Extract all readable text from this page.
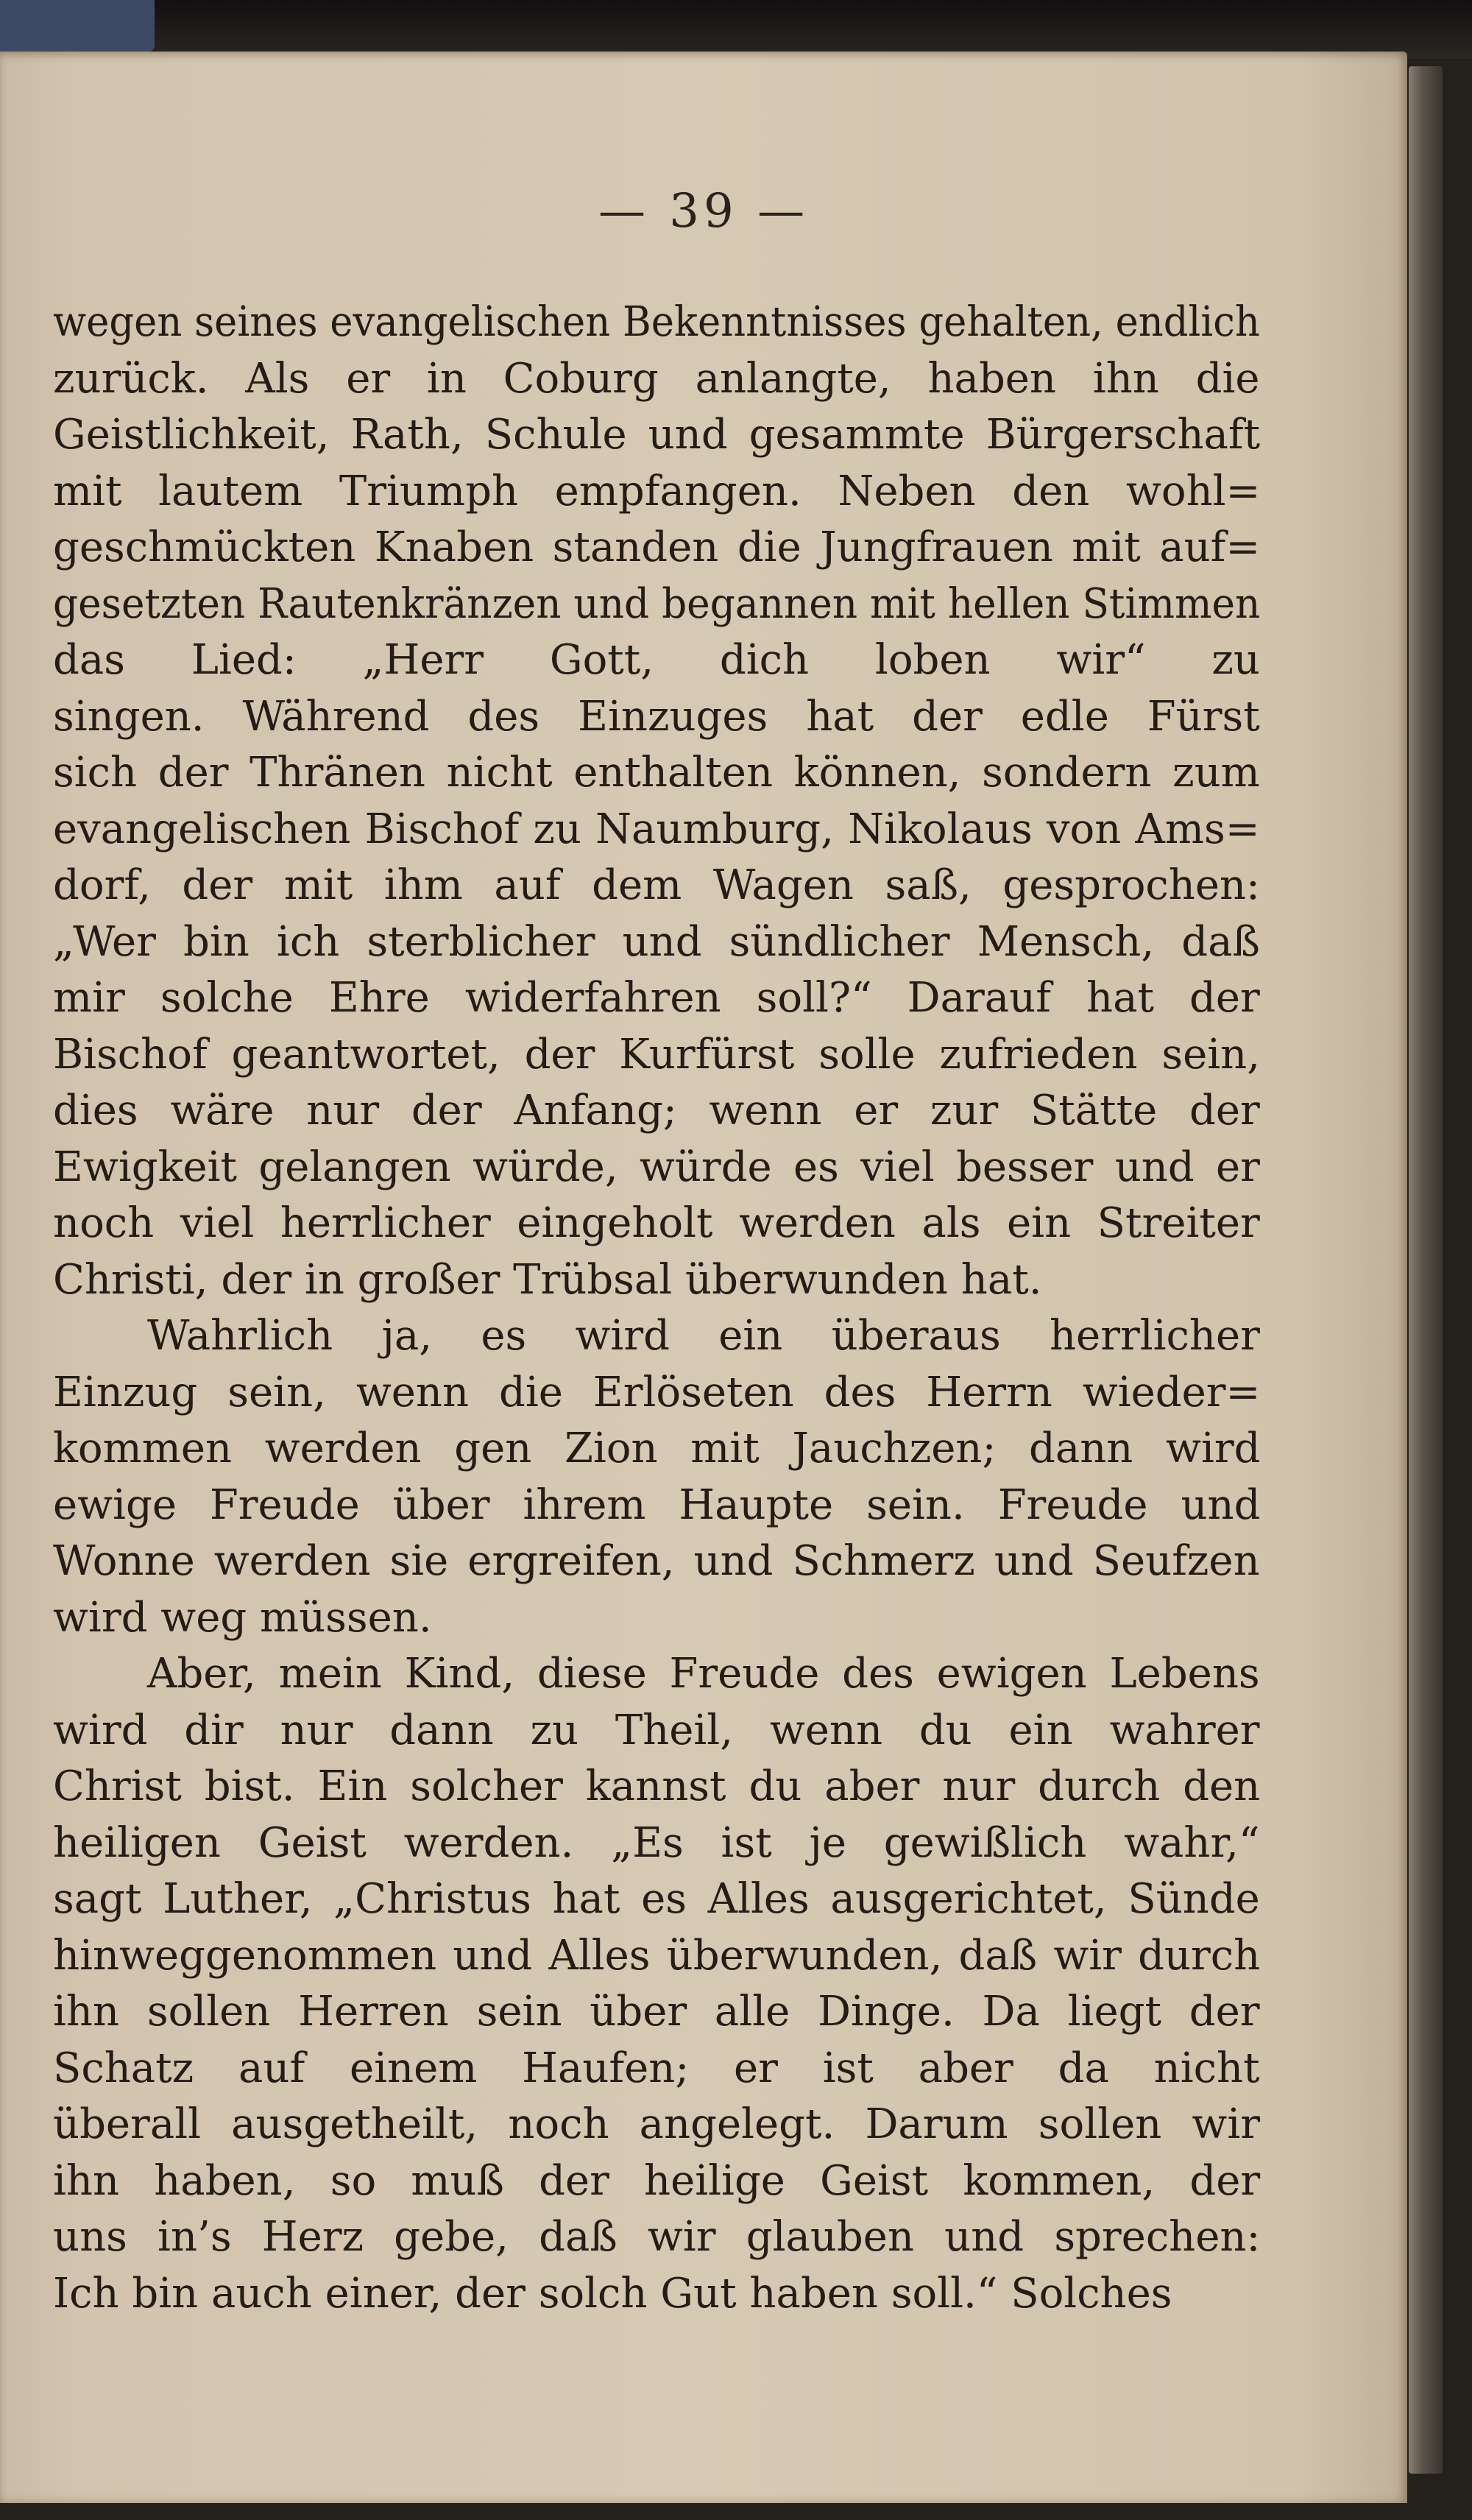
— 39 —
wegen seines evangelischen Bekenntnisses gehalten, endlich
zurück. Als er in Coburg anlangte, haben ihn die
Geistlichkeit, Rath, Schule und gesammte Bürgerschaft
mit lautem Triumph empfangen. Neben den wohl=
geschmückten Knaben standen die Jungfrauen mit auf=
gesetzten Rautenkränzen und begannen mit hellen Stimmen
das Lied: „Herr Gott, dich loben wir“ zu
singen. Während des Einzuges hat der edle Fürst
sich der Thränen nicht enthalten können, sondern zum
evangelischen Bischof zu Naumburg, Nikolaus von Ams=
dorf, der mit ihm auf dem Wagen saß, gesprochen:
„Wer bin ich sterblicher und sündlicher Mensch, daß
mir solche Ehre widerfahren soll?“ Darauf hat der
Bischof geantwortet, der Kurfürst solle zufrieden sein,
dies wäre nur der Anfang; wenn er zur Stätte der
Ewigkeit gelangen würde, würde es viel besser und er
noch viel herrlicher eingeholt werden als ein Streiter
Christi, der in großer Trübsal überwunden hat.
Wahrlich ja, es wird ein überaus herrlicher
Einzug sein, wenn die Erlöseten des Herrn wieder=
kommen werden gen Zion mit Jauchzen; dann wird
ewige Freude über ihrem Haupte sein. Freude und
Wonne werden sie ergreifen, und Schmerz und Seufzen
wird weg müssen.
Aber, mein Kind, diese Freude des ewigen Lebens
wird dir nur dann zu Theil, wenn du ein wahrer
Christ bist. Ein solcher kannst du aber nur durch den
heiligen Geist werden. „Es ist je gewißlich wahr,“
sagt Luther, „Christus hat es Alles ausgerichtet, Sünde
hinweggenommen und Alles überwunden, daß wir durch
ihn sollen Herren sein über alle Dinge. Da liegt der
Schatz auf einem Haufen; er ist aber da nicht
überall ausgetheilt, noch angelegt. Darum sollen wir
ihn haben, so muß der heilige Geist kommen, der
uns in’s Herz gebe, daß wir glauben und sprechen:
Ich bin auch einer, der solch Gut haben soll.“ Solches
